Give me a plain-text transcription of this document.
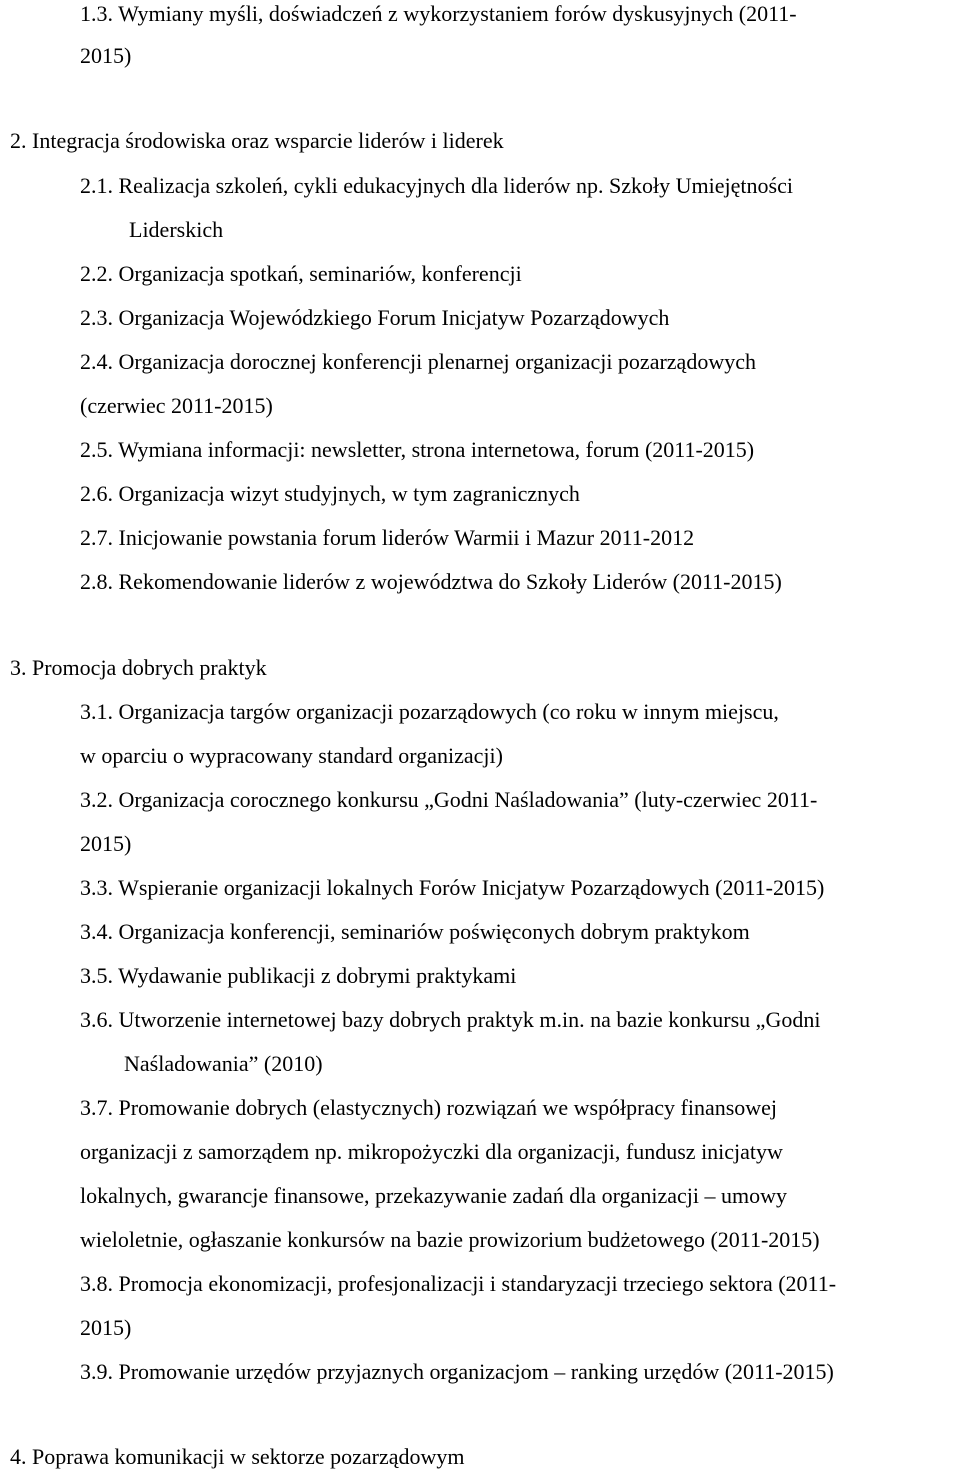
1.3. Wymiany myśli, doświadczeń z wykorzystaniem forów dyskusyjnych (2011-
2015)
2. Integracja środowiska oraz wsparcie liderów i liderek
2.1. Realizacja szkoleń, cykli edukacyjnych dla liderów np. Szkoły Umiejętności
Liderskich
2.2. Organizacja spotkań, seminariów, konferencji
2.3. Organizacja Wojewódzkiego Forum Inicjatyw Pozarządowych
2.4. Organizacja dorocznej konferencji plenarnej organizacji pozarządowych
(czerwiec 2011-2015)
2.5. Wymiana informacji: newsletter, strona internetowa, forum (2011-2015)
2.6. Organizacja wizyt studyjnych, w tym zagranicznych
2.7. Inicjowanie powstania forum liderów Warmii i Mazur 2011-2012
2.8. Rekomendowanie liderów z województwa do Szkoły Liderów (2011-2015)
3. Promocja dobrych praktyk
3.1. Organizacja targów organizacji pozarządowych (co roku w innym miejscu,
w oparciu o wypracowany standard organizacji)
3.2. Organizacja corocznego konkursu „Godni Naśladowania” (luty-czerwiec 2011-
2015)
3.3. Wspieranie organizacji lokalnych Forów Inicjatyw Pozarządowych (2011-2015)
3.4. Organizacja konferencji, seminariów poświęconych dobrym praktykom
3.5. Wydawanie publikacji z dobrymi praktykami
3.6. Utworzenie internetowej bazy dobrych praktyk m.in. na bazie konkursu „Godni
Naśladowania” (2010)
3.7. Promowanie dobrych (elastycznych) rozwiązań we współpracy finansowej
organizacji z samorządem np. mikropożyczki dla organizacji, fundusz inicjatyw
lokalnych, gwarancje finansowe, przekazywanie zadań dla organizacji – umowy
wieloletnie, ogłaszanie konkursów na bazie prowizorium budżetowego (2011-2015)
3.8. Promocja ekonomizacji, profesjonalizacji i standaryzacji trzeciego sektora (2011-
2015)
3.9. Promowanie urzędów przyjaznych organizacjom – ranking urzędów (2011-2015)
4. Poprawa komunikacji w sektorze pozarządowym
